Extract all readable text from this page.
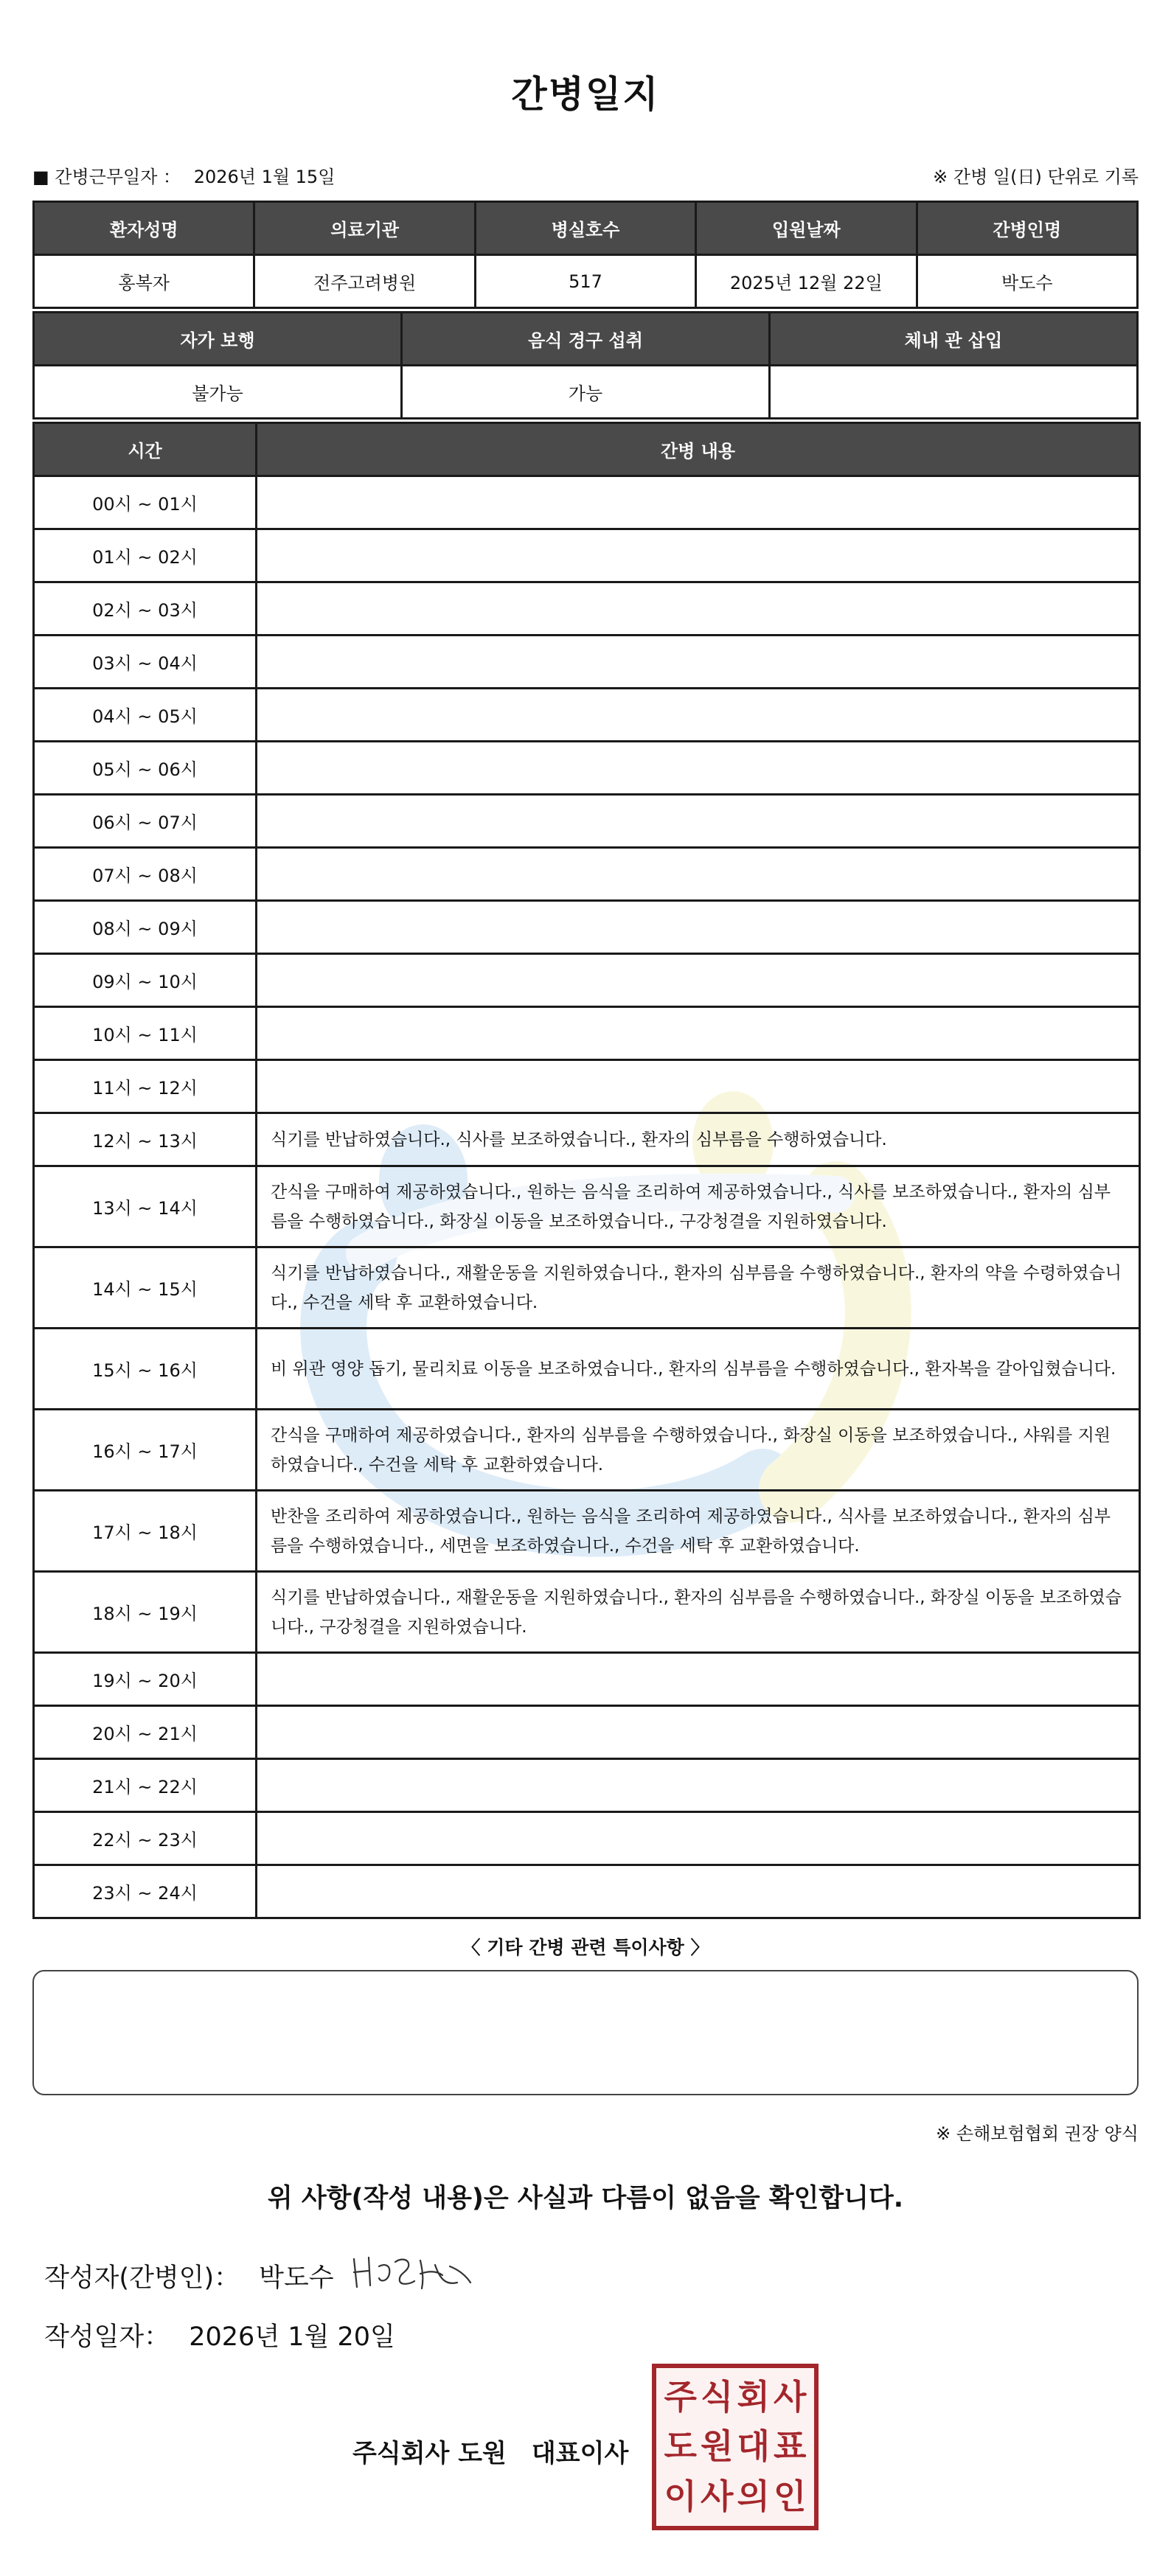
간병일지
■ 간병근무일자 ： 2026년 1월 15일	※ 간병 일(日) 단위로 기록
환자성명	의료기관	병실호수	입원날짜	간병인명
홍복자	전주고려병원	517	2025년 12월 22일	박도수
자가 보행	음식 경구 섭취	체내 관 삽입
불가능	가능	
시간	간병 내용
00시 ~ 01시	
01시 ~ 02시	
02시 ~ 03시	
03시 ~ 04시	
04시 ~ 05시	
05시 ~ 06시	
06시 ~ 07시	
07시 ~ 08시	
08시 ~ 09시	
09시 ~ 10시	
10시 ~ 11시	
11시 ~ 12시	
12시 ~ 13시	식기를 반납하였습니다., 식사를 보조하였습니다., 환자의 심부름을 수행하였습니다.
13시 ~ 14시	간식을 구매하여 제공하였습니다., 원하는 음식을 조리하여 제공하였습니다., 식사를 보조하였습니다., 환자의 심부름을 수행하였습니다., 화장실 이동을 보조하였습니다., 구강청결을 지원하였습니다.
14시 ~ 15시	식기를 반납하였습니다., 재활운동을 지원하였습니다., 환자의 심부름을 수행하였습니다., 환자의 약을 수령하였습니다., 수건을 세탁 후 교환하였습니다.
15시 ~ 16시	비 위관 영양 돕기, 물리치료 이동을 보조하였습니다., 환자의 심부름을 수행하였습니다., 환자복을 갈아입혔습니다.
16시 ~ 17시	간식을 구매하여 제공하였습니다., 환자의 심부름을 수행하였습니다., 화장실 이동을 보조하였습니다., 샤워를 지원하였습니다., 수건을 세탁 후 교환하였습니다.
17시 ~ 18시	반찬을 조리하여 제공하였습니다., 원하는 음식을 조리하여 제공하였습니다., 식사를 보조하였습니다., 환자의 심부름을 수행하였습니다., 세면을 보조하였습니다., 수건을 세탁 후 교환하였습니다.
18시 ~ 19시	식기를 반납하였습니다., 재활운동을 지원하였습니다., 환자의 심부름을 수행하였습니다., 화장실 이동을 보조하였습니다., 구강청결을 지원하였습니다.
19시 ~ 20시	
20시 ~ 21시	
21시 ~ 22시	
22시 ~ 23시	
23시 ~ 24시	
〈 기타 간병 관련 특이사항 〉
※ 손해보험협회 권장 양식
위 사항(작성 내용)은 사실과 다름이 없음을 확인합니다.
작성자(간병인)： 박도수
작성일자： 2026년 1월 20일
주식회사 도원 대표이사
주 식 회 사
도 원 대 표
이 사 의 인
